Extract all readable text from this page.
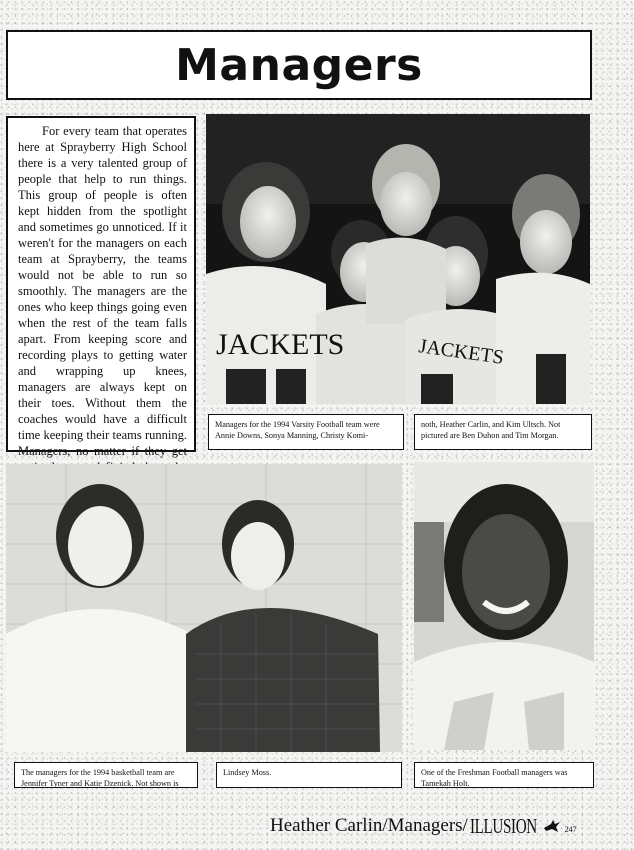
Managers
For every team that operates here at Sprayberry High School there is a very talented group of people that help to run things. This group of people is often kept hidden from the spotlight and sometimes go unnoticed. If it weren't for the managers on each team at Sprayberry, the teams would not be able to run so smoothly. The managers are the ones who keep things going even when the rest of the team falls apart. From keeping score and recording plays to getting water and wrapping up knees, managers are always kept on their toes. Without them the coaches would have a difficult time keeping their teams running. Managers, no matter if they get
JACKETS	JACKETS
Managers for the 1994 Varsity Football team were Annie Downs, Sonya Manning, Christy Komi-
noth, Heather Carlin, and Kim Ultsch. Not pictured are Ben Duhon and Tim Morgan.
The managers for the 1994 basketball team are Jennifer Tyner and Katie Dzenick. Not shown is
Lindsey Moss.	One of the Freshman Football managers was Tamekah Holt.
Heather Carlin/Managers/ ILLUSION	247
